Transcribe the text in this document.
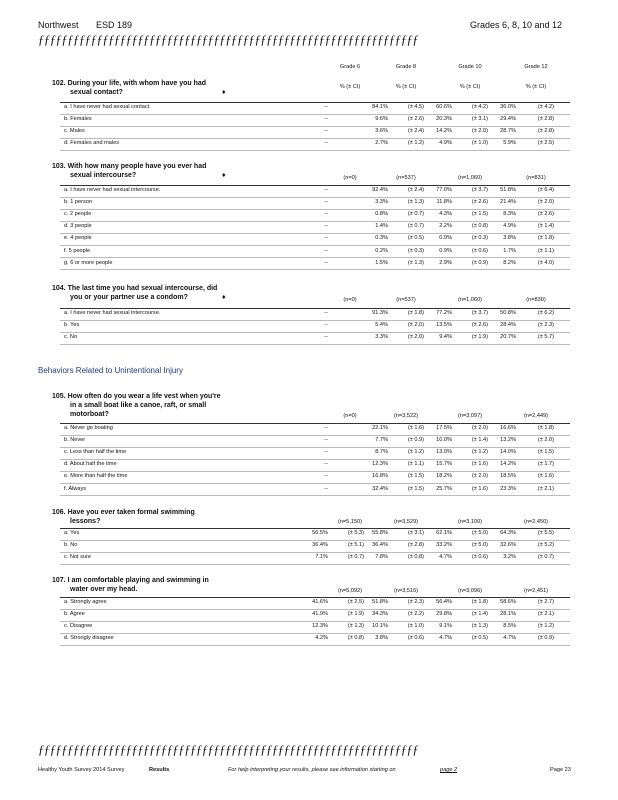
Northwest ESD 189	Grades 6, 8, 10 and 12
ƒƒƒƒƒƒƒƒƒƒƒƒƒƒƒƒƒƒƒƒƒƒƒƒƒƒƒƒƒƒƒƒƒƒƒƒƒƒƒƒƒƒƒƒƒƒƒƒƒƒƒƒƒƒƒƒƒƒƒƒƒƒƒƒƒ
Grade 6	Grade 8	Grade 10	Grade 12
% (± CI)	% (± CI)	% (± CI)	% (± CI)
102. During your life, with whom have you had
sexual contact?	♦
a. I have never had sexual contact.	--	84.1%	(± 4.5)	60.6%	(± 4.2)	36.0%	(± 4.2)
b. Females	--	9.6%	(± 2.6)	20.3%	(± 3.1)	29.4%	(± 2.8)
c. Males	--	3.6%	(± 2.4)	14.2%	(± 2.0)	28.7%	(± 2.8)
d. Females and males	--	2.7%	(± 1.2)	4.9%	(± 1.0)	5.9%	(± 2.5)
103. With how many people have you ever had
sexual intercourse?	♦	(n=0)	(n=537)	(n=1,060)	(n=831)
a. I have never had sexual intercourse.	--	92.4%	(± 2.4)	77.0%	(± 3.7)	51.8%	(± 6.4)
b. 1 person	--	3.3%	(± 1.3)	11.8%	(± 2.6)	21.4%	(± 2.0)
c. 2 people	--	0.8%	(± 0.7)	4.3%	(± 1.5)	8.3%	(± 2.6)
d. 3 people	--	1.4%	(± 0.7)	2.2%	(± 0.8)	4.9%	(± 1.4)
e. 4 people	--	0.3%	(± 0.5)	0.9%	(± 0.3)	3.8%	(± 1.8)
f. 5 people	--	0.2%	(± 0.3)	0.9%	(± 0.6)	1.7%	(± 1.1)
g. 6 or more people	--	1.5%	(± 1.3)	2.9%	(± 0.9)	8.2%	(± 4.0)
104. The last time you had sexual intercourse, did
you or your partner use a condom?	♦	(n=0)	(n=537)	(n=1,060)	(n=830)
a. I have never had sexual intercourse.	--	91.3%	(± 1.8)	77.2%	(± 3.7)	50.8%	(± 6.2)
b. Yes	--	5.4%	(± 2.0)	13.5%	(± 2.6)	28.4%	(± 2.3)
c. No	--	3.3%	(± 2.0)	9.4%	(± 1.9)	20.7%	(± 5.7)
105. How often do you wear a life vest when you're
in a small boat like a canoe, raft, or small
motorboat?	(n=0)	(n=3,522)	(n=3,097)	(n=2,449)
a. Never go boating	--	22.1%	(± 1.6)	17.5%	(± 2.0)	16.6%	(± 1.8)
b. Never	--	7.7%	(± 0.9)	10.0%	(± 1.4)	13.2%	(± 2.0)
c. Less than half the time	--	8.7%	(± 1.2)	13.0%	(± 1.2)	14.0%	(± 1.5)
d. About half the time	--	12.3%	(± 1.1)	15.7%	(± 1.6)	14.2%	(± 1.7)
e. More than half the time	--	16.8%	(± 1.5)	18.2%	(± 2.0)	18.5%	(± 1.6)
f. Always	--	32.4%	(± 1.5)	25.7%	(± 1.6)	23.3%	(± 2.1)
106. Have you ever taken formal swimming
lessons?	(n=5,150)	(n=3,529)	(n=3,100)	(n=2,450)
a. Yes	56.5%	(± 5.3)	55.8%	(± 3.1)	62.1%	(± 5.0)	64.3%	(± 5.5)
b. No	36.4%	(± 5.1)	36.4%	(± 2.8)	33.2%	(± 5.0)	32.6%	(± 5.2)
c. Not sure	7.1%	(± 0.7)	7.8%	(± 0.8)	4.7%	(± 0.6)	3.2%	(± 0.7)
107. I am comfortable playing and swimming in
water over my head.	(n=5,092)	(n=3,516)	(n=3,096)	(n=2,451)
a. Strongly agree	41.6%	(± 2.5)	51.8%	(± 2.3)	56.4%	(± 1.8)	58.6%	(± 2.7)
b. Agree	41.9%	(± 1.9)	34.3%	(± 2.2)	29.8%	(± 1.4)	28.1%	(± 2.1)
c. Disagree	12.3%	(± 1.3)	10.1%	(± 1.0)	9.1%	(± 1.3)	8.5%	(± 1.2)
d. Strongly disagree	4.2%	(± 0.8)	3.8%	(± 0.6)	4.7%	(± 0.5)	4.7%	(± 0.9)
Behaviors Related to Unintentional Injury
ƒƒƒƒƒƒƒƒƒƒƒƒƒƒƒƒƒƒƒƒƒƒƒƒƒƒƒƒƒƒƒƒƒƒƒƒƒƒƒƒƒƒƒƒƒƒƒƒƒƒƒƒƒƒƒƒƒƒƒƒƒƒƒƒƒ
Healthy Youth Survey 2014 Survey	Results	For help interpreting your results, please see information starting on	page 2	Page 23
